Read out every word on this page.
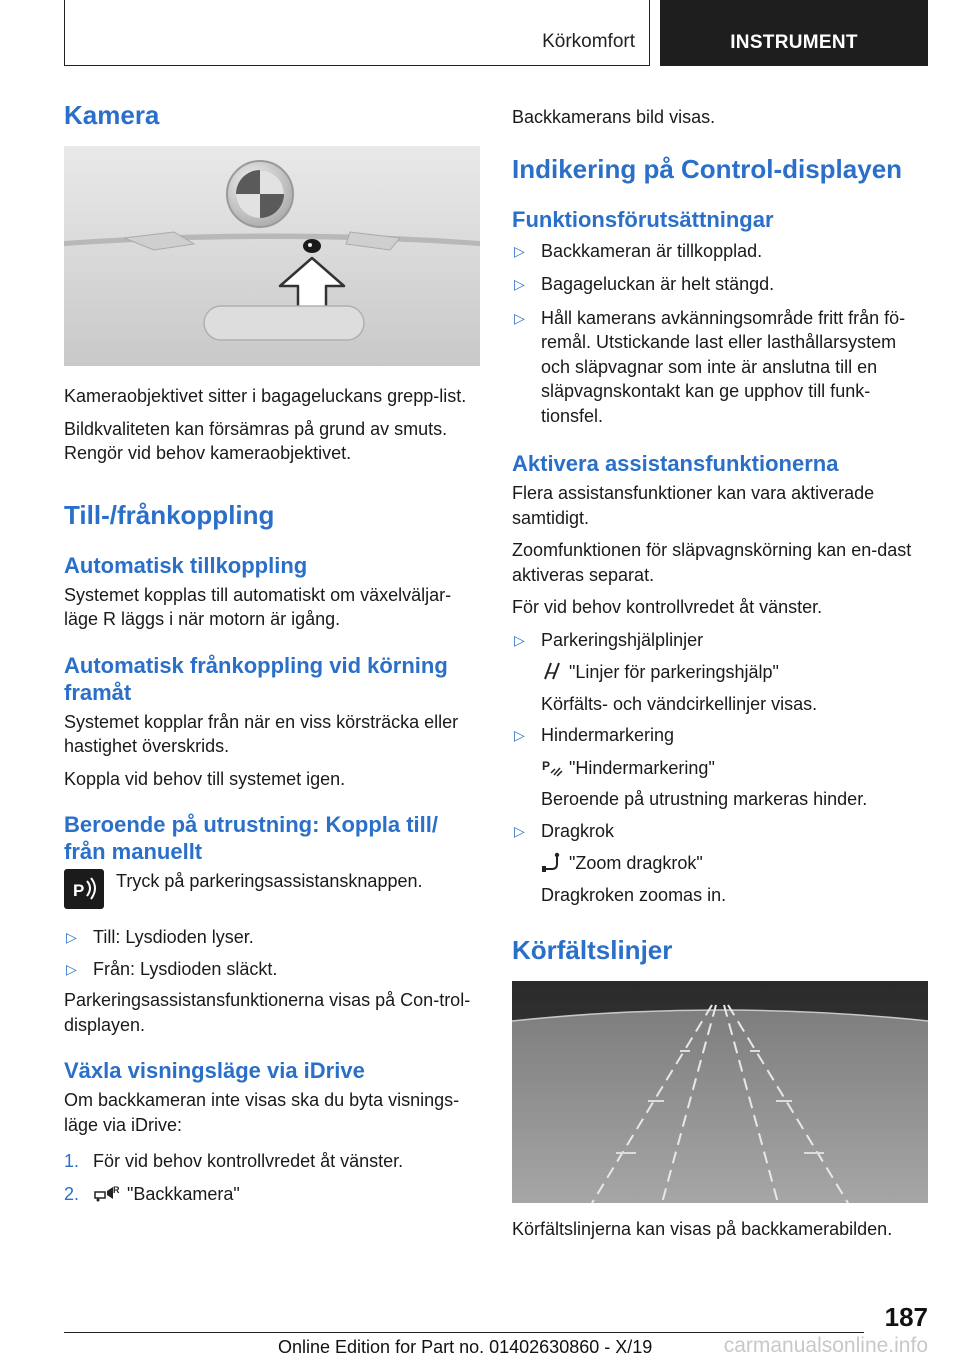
Körkomfort	INSTRUMENT
Kamera

Kameraobjektivet sitter i bagageluckans grepp-list.

Bildkvaliteten kan försämras på grund av smuts. Rengör vid behov kameraobjektivet.

Till-/frånkoppling
Automatisk tillkoppling

Systemet kopplas till automatiskt om växelväljar-läge R läggs i när motorn är igång.

Automatisk frånkoppling vid körning framåt

Systemet kopplar från när en viss körsträcka eller hastighet överskrids.

Koppla vid behov till systemet igen.

Beroende på utrustning: Koppla till/ från manuellt
P Tryck på parkeringsassistansknappen.

▷ Till: Lysdioden lyser.
▷ Från: Lysdioden släckt.

Parkeringsassistansfunktionerna visas på Con-trol-displayen.

Växla visningsläge via iDrive

Om backkameran inte visas ska du byta visnings-läge via iDrive:

1. För vid behov kontrollvredet åt vänster.
2.	R "Backkamera"

Backkamerans bild visas.

Indikering på Control-displayen
Funktionsförutsättningar
▷ Backkameran är tillkopplad.
▷ Bagageluckan är helt stängd.
▷ Håll kamerans avkänningsområde fritt från fö-remål. Utstickande last eller lasthållarsystem och släpvagnar som inte är anslutna till en släpvagnskontakt kan ge upphov till funk-tionsfel.
Aktivera assistansfunktionerna

Flera assistansfunktioner kan vara aktiverade samtidigt.

Zoomfunktionen för släpvagnskörning kan en-dast aktiveras separat.

För vid behov kontrollvredet åt vänster.

▷ Parkeringshjälplinjer
"Linjer för parkeringshjälp"
Körfälts- och vändcirkellinjer visas.
▷ Hindermarkering
P "Hindermarkering"
Beroende på utrustning markeras hinder.
▷ Dragkrok
"Zoom dragkrok"
Dragkroken zoomas in.
Körfältslinjer

Körfältslinjerna kan visas på backkamerabilden.

187
Online Edition for Part no. 01402630860 - X/19	carmanualsonline.info
